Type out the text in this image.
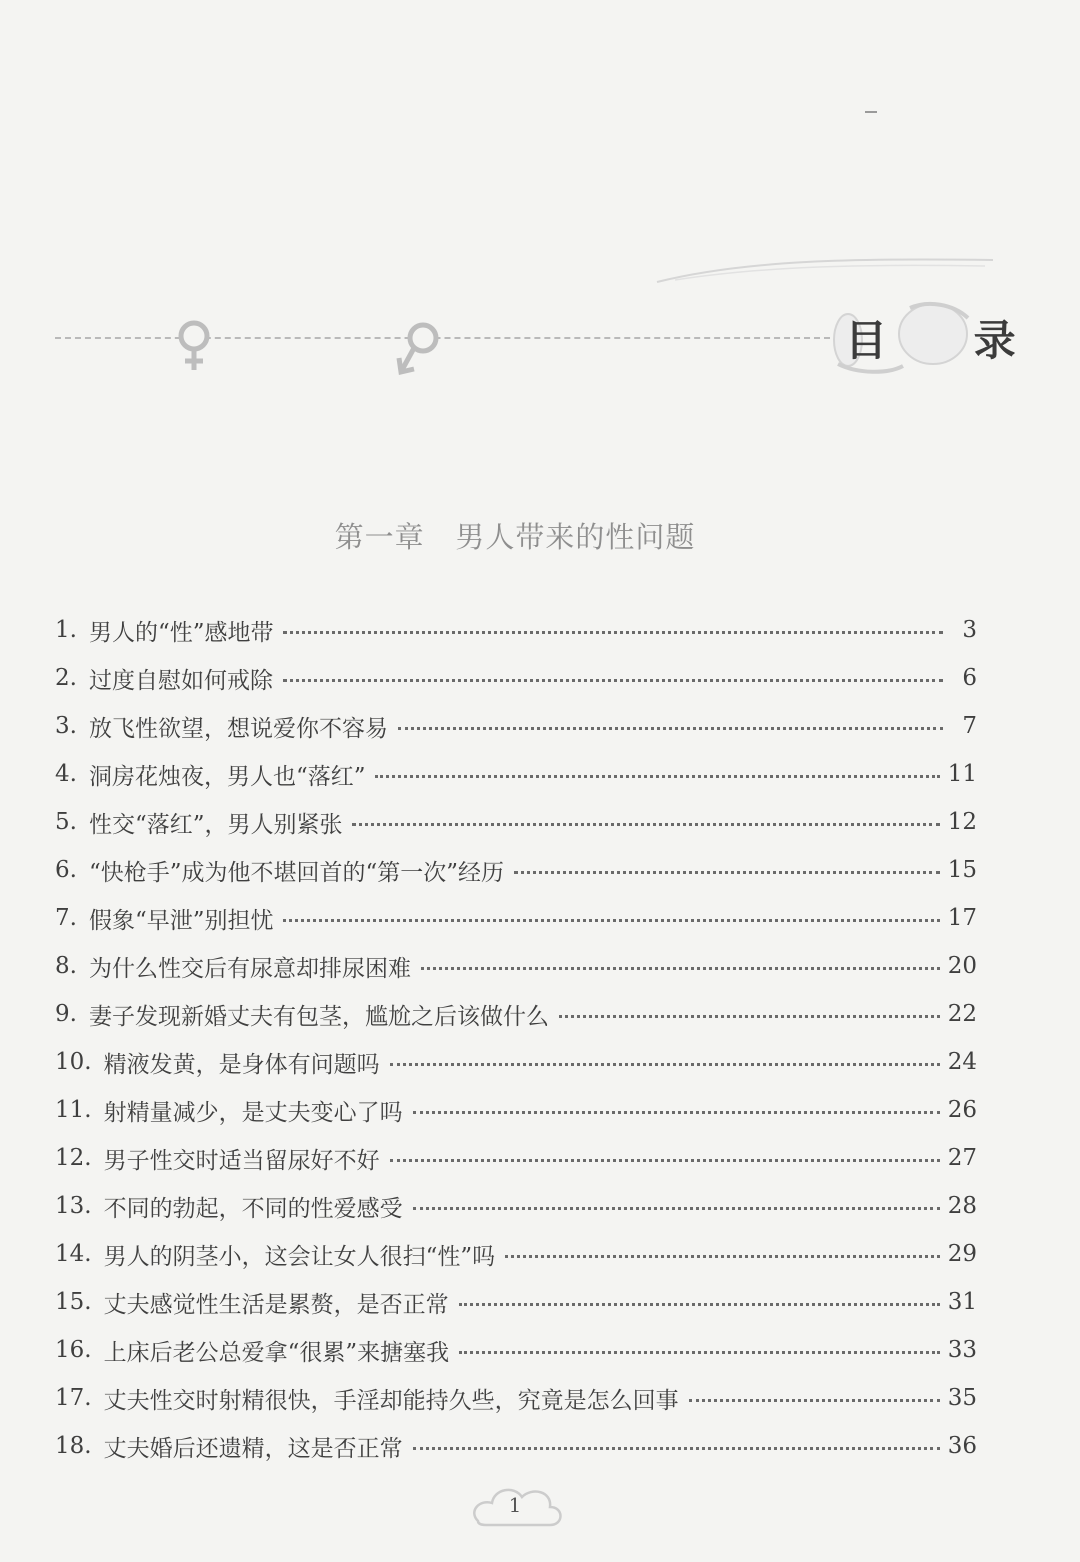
目 录
第一章   男人带来的性问题
1. 男人的“性”感地带	3
2. 过度自慰如何戒除	6
3. 放飞性欲望，想说爱你不容易	7
4. 洞房花烛夜，男人也“落红”	11
5. 性交“落红”，男人别紧张	12
6. “快枪手”成为他不堪回首的“第一次”经历	15
7. 假象“早泄”别担忧	17
8. 为什么性交后有尿意却排尿困难	20
9. 妻子发现新婚丈夫有包茎，尴尬之后该做什么	22
10. 精液发黄，是身体有问题吗	24
11. 射精量减少，是丈夫变心了吗	26
12. 男子性交时适当留尿好不好	27
13. 不同的勃起，不同的性爱感受	28
14. 男人的阴茎小，这会让女人很扫“性”吗	29
15. 丈夫感觉性生活是累赘，是否正常	31
16. 上床后老公总爱拿“很累”来搪塞我	33
17. 丈夫性交时射精很快，手淫却能持久些，究竟是怎么回事	35
18. 丈夫婚后还遗精，这是否正常	36
1
